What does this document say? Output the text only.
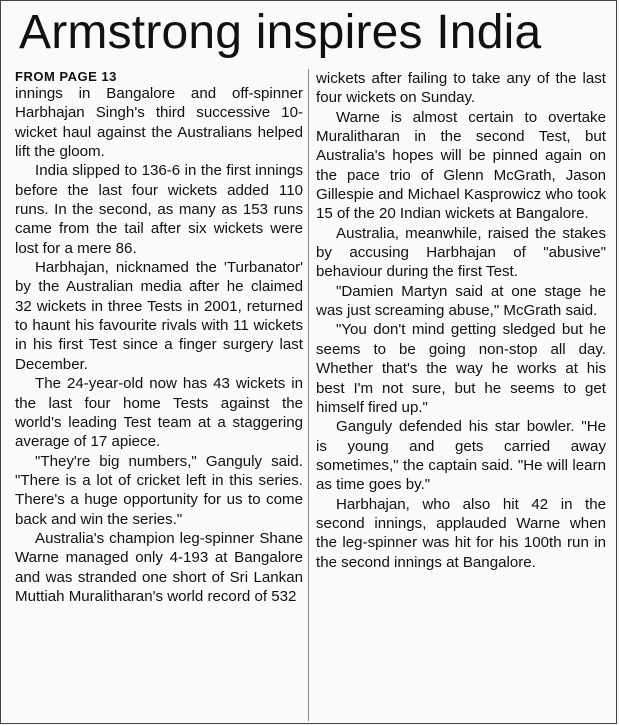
Armstrong inspires India
FROM PAGE 13

innings in Bangalore and off-spinner Harbhajan Singh's third successive 10-wicket haul against the Australians helped lift the gloom.

India slipped to 136-6 in the first innings before the last four wickets added 110 runs. In the second, as many as 153 runs came from the tail after six wickets were lost for a mere 86.

Harbhajan, nicknamed the 'Turbanator' by the Australian media after he claimed 32 wickets in three Tests in 2001, returned to haunt his favourite rivals with 11 wickets in his first Test since a finger surgery last December.

The 24-year-old now has 43 wickets in the last four home Tests against the world's leading Test team at a staggering average of 17 apiece.

"They're big numbers," Ganguly said. "There is a lot of cricket left in this series. There's a huge opportunity for us to come back and win the series."

Australia's champion leg-spinner Shane Warne managed only 4-193 at Bangalore and was stranded one short of Sri Lankan Muttiah Muralitharan's world record of 532

wickets after failing to take any of the last four wickets on Sunday.

Warne is almost certain to overtake Muralitharan in the second Test, but Australia's hopes will be pinned again on the pace trio of Glenn McGrath, Jason Gillespie and Michael Kasprowicz who took 15 of the 20 Indian wickets at Bangalore.

Australia, meanwhile, raised the stakes by accusing Harbhajan of "abusive" behaviour during the first Test.

"Damien Martyn said at one stage he was just screaming abuse," McGrath said.

"You don't mind getting sledged but he seems to be going non-stop all day. Whether that's the way he works at his best I'm not sure, but he seems to get himself fired up."

Ganguly defended his star bowler. "He is young and gets carried away sometimes," the captain said. "He will learn as time goes by."

Harbhajan, who also hit 42 in the second innings, applauded Warne when the leg-spinner was hit for his 100th run in the second innings at Bangalore.
